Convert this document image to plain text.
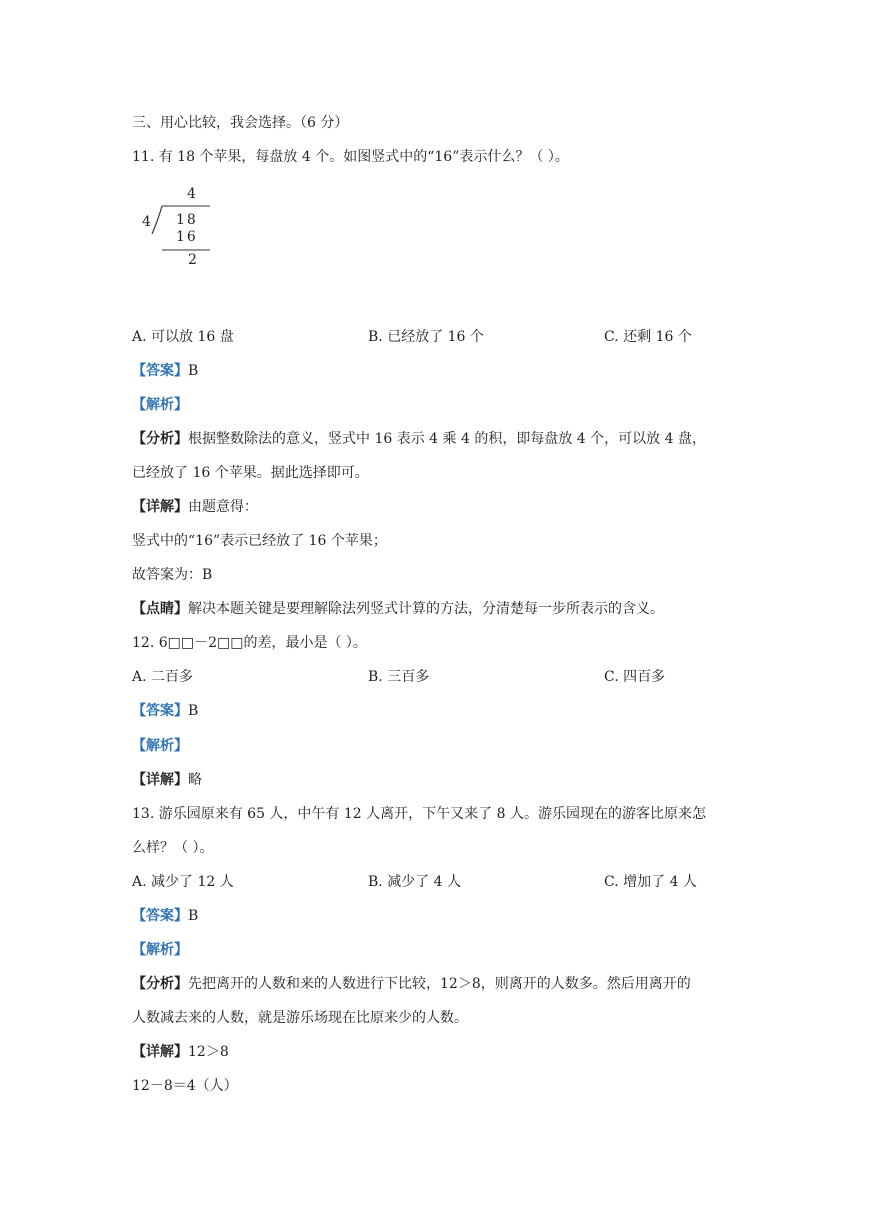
三、用心比较，我会选择。（6 分）
11. 有 18 个苹果，每盘放 4 个。如图竖式中的“16”表示什么？（ ）。
4
4 18
16
2
A. 可以放 16 盘	B. 已经放了 16 个	C. 还剩 16 个
【答案】B
【解析】
【分析】根据整数除法的意义，竖式中 16 表示 4 乘 4 的积，即每盘放 4 个，可以放 4 盘，
已经放了 16 个苹果。据此选择即可。
【详解】由题意得：
竖式中的“16”表示已经放了 16 个苹果；
故答案为：B
【点睛】解决本题关键是要理解除法列竖式计算的方法，分清楚每一步所表示的含义。
12. 6□□－2□□的差，最小是（ ）。
A. 二百多	B. 三百多	C. 四百多
【答案】B
【解析】
【详解】略
13. 游乐园原来有 65 人，中午有 12 人离开，下午又来了 8 人。游乐园现在的游客比原来怎
么样？（ ）。
A. 减少了 12 人	B. 减少了 4 人	C. 增加了 4 人
【答案】B
【解析】
【分析】先把离开的人数和来的人数进行下比较，12＞8，则离开的人数多。然后用离开的
人数减去来的人数，就是游乐场现在比原来少的人数。
【详解】12＞8
12－8＝4（人）
